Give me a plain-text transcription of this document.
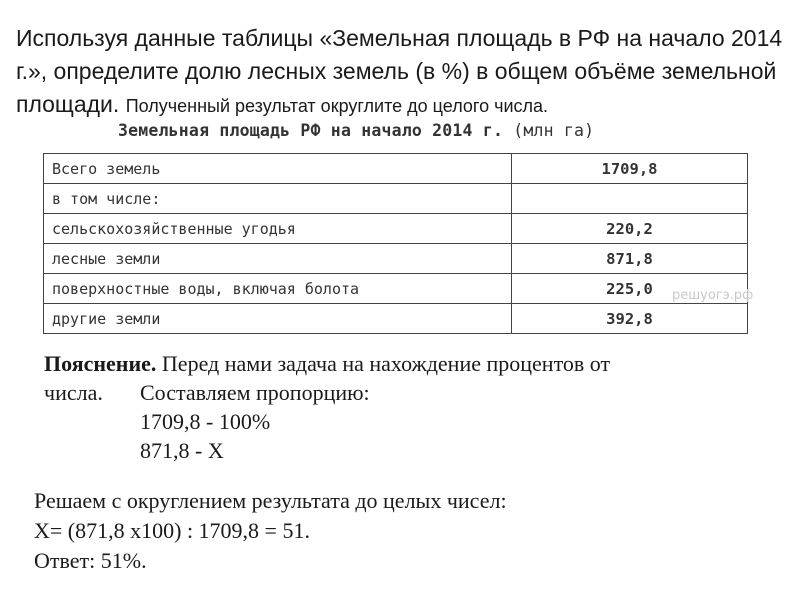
Используя данные таблицы «Земельная площадь в РФ на начало 2014 г.», определите долю лесных земель (в %) в общем объёме земельной площади. Полученный результат округлите до целого числа.
Земельная площадь РФ на начало 2014 г. (млн га)
Всего земель	1709,8
в том числе:	
сельскохозяйственные угодья	220,2
лесные земли	871,8
поверхностные воды, включая болота	225,0
другие земли	392,8
решуогэ.рф
Пояснение. Перед нами задача на нахождение процентов от
числа.	Составляем пропорцию:
1709,8 - 100%
871,8 - Х
Решаем с округлением результата до целых чисел:
Х= (871,8 х100) : 1709,8 = 51.
Ответ: 51%.
